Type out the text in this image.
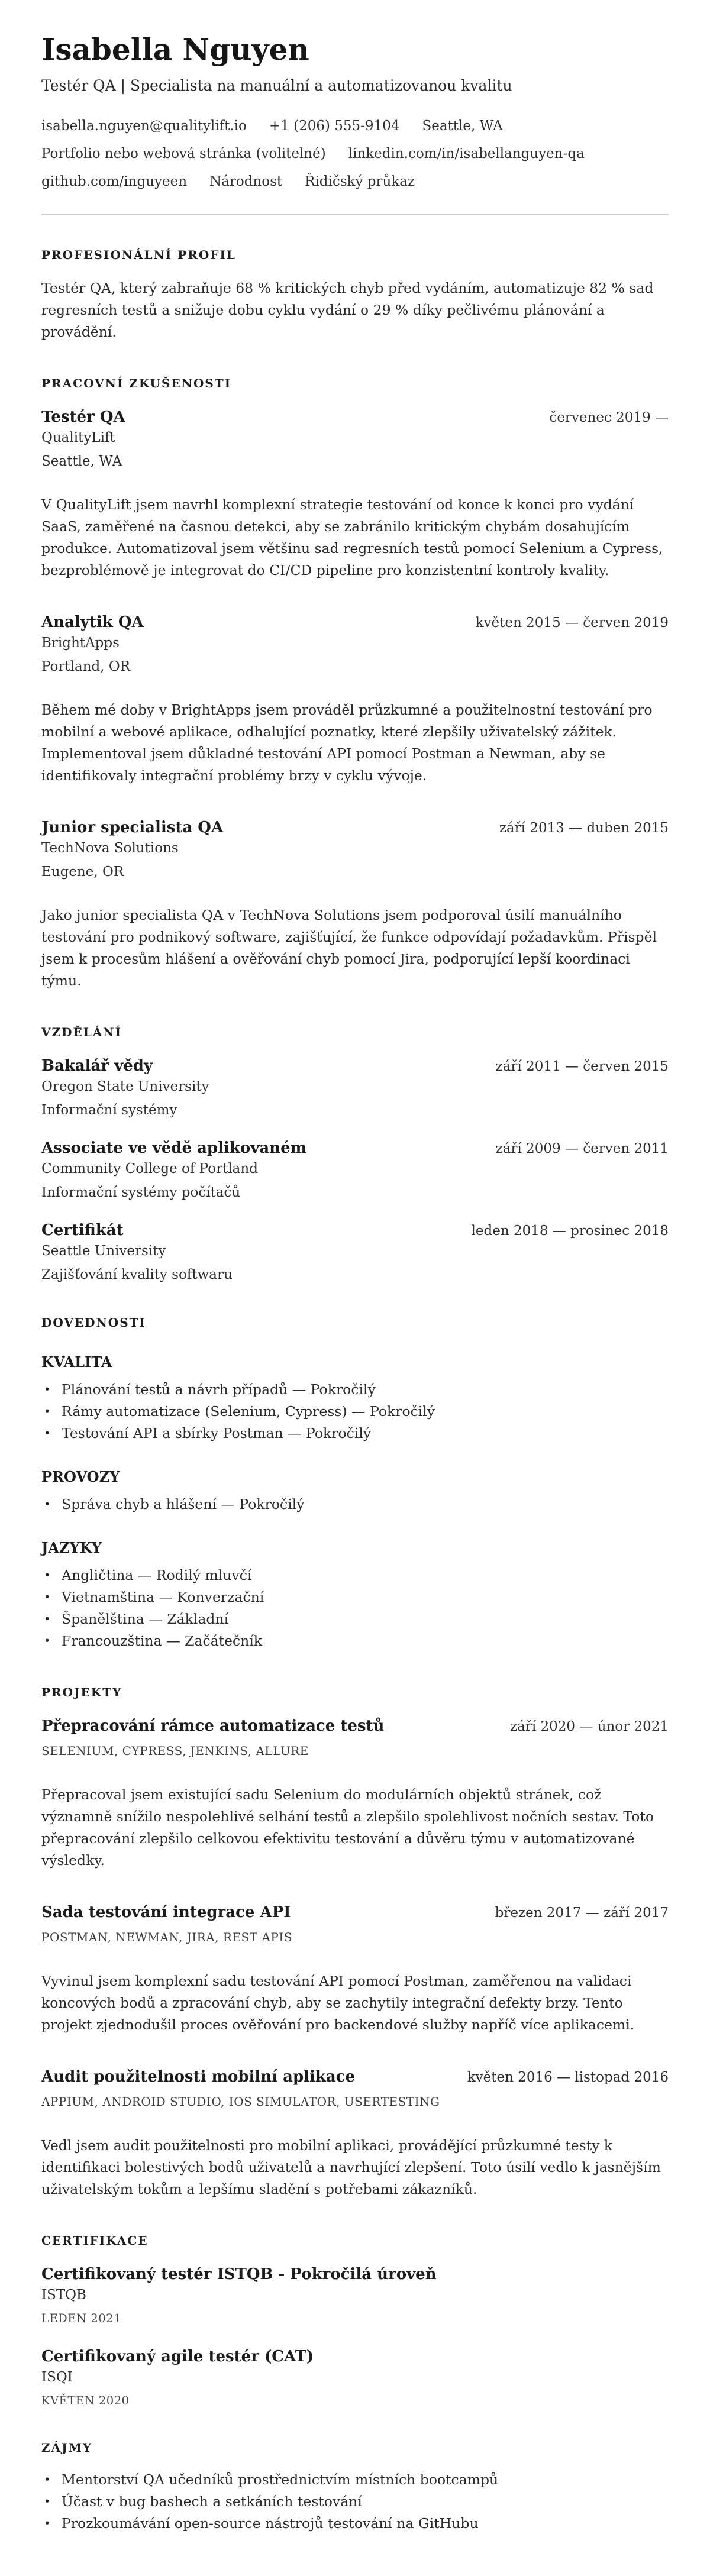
Isabella Nguyen
Testér QA | Specialista na manuální a automatizovanou kvalitu
isabella.nguyen@qualitylift.io +1 (206) 555-9104 Seattle, WA
Portfolio nebo webová stránka (volitelné) linkedin.com/in/isabellanguyen-qa
github.com/inguyeen Národnost Řidičský průkaz
PROFESIONÁLNÍ PROFIL

Testér QA, který zabraňuje 68 % kritických chyb před vydáním, automatizuje 82 % sad regresních testů a snižuje dobu cyklu vydání o 29 % díky pečlivému plánování a provádění.

PRACOVNÍ ZKUŠENOSTI
Testér QA	červenec 2019 —
QualityLift
Seattle, WA

V QualityLift jsem navrhl komplexní strategie testování od konce k konci pro vydání SaaS, zaměřené na časnou detekci, aby se zabránilo kritickým chybám dosahujícím produkce. Automatizoval jsem většinu sad regresních testů pomocí Selenium a Cypress, bezproblémově je integrovat do CI/CD pipeline pro konzistentní kontroly kvality.

Analytik QA	květen 2015 — červen 2019
BrightApps
Portland, OR

Během mé doby v BrightApps jsem prováděl průzkumné a použitelnostní testování pro mobilní a webové aplikace, odhalující poznatky, které zlepšily uživatelský zážitek. Implementoval jsem důkladné testování API pomocí Postman a Newman, aby se identifikovaly integrační problémy brzy v cyklu vývoje.

Junior specialista QA	září 2013 — duben 2015
TechNova Solutions
Eugene, OR

Jako junior specialista QA v TechNova Solutions jsem podporoval úsilí manuálního testování pro podnikový software, zajišťující, že funkce odpovídají požadavkům. Přispěl jsem k procesům hlášení a ověřování chyb pomocí Jira, podporující lepší koordinaci týmu.

VZDĚLÁNÍ
Bakalář vědy	září 2011 — červen 2015
Oregon State University
Informační systémy
Associate ve vědě aplikovaném	září 2009 — červen 2011
Community College of Portland
Informační systémy počítačů
Certifikát	leden 2018 — prosinec 2018
Seattle University
Zajišťování kvality softwaru
DOVEDNOSTI
KVALITA
• Plánování testů a návrh případů — Pokročilý
• Rámy automatizace (Selenium, Cypress) — Pokročilý
• Testování API a sbírky Postman — Pokročilý
PROVOZY
• Správa chyb a hlášení — Pokročilý
JAZYKY
• Angličtina — Rodilý mluvčí
• Vietnamština — Konverzační
• Španělština — Základní
• Francouzština — Začátečník
PROJEKTY
Přepracování rámce automatizace testů	září 2020 — únor 2021
SELENIUM, CYPRESS, JENKINS, ALLURE

Přepracoval jsem existující sadu Selenium do modulárních objektů stránek, což významně snížilo nespolehlivé selhání testů a zlepšilo spolehlivost nočních sestav. Toto přepracování zlepšilo celkovou efektivitu testování a důvěru týmu v automatizované výsledky.

Sada testování integrace API	březen 2017 — září 2017
POSTMAN, NEWMAN, JIRA, REST APIS

Vyvinul jsem komplexní sadu testování API pomocí Postman, zaměřenou na validaci koncových bodů a zpracování chyb, aby se zachytily integrační defekty brzy. Tento projekt zjednodušil proces ověřování pro backendové služby napříč více aplikacemi.

Audit použitelnosti mobilní aplikace	květen 2016 — listopad 2016
APPIUM, ANDROID STUDIO, IOS SIMULATOR, USERTESTING

Vedl jsem audit použitelnosti pro mobilní aplikaci, provádějící průzkumné testy k identifikaci bolestivých bodů uživatelů a navrhující zlepšení. Toto úsilí vedlo k jasnějším uživatelským tokům a lepšímu sladění s potřebami zákazníků.

CERTIFIKACE
Certifikovaný testér ISTQB - Pokročilá úroveň
ISTQB
LEDEN 2021
Certifikovaný agile testér (CAT)
ISQI
KVĚTEN 2020
ZÁJMY
• Mentorství QA učedníků prostřednictvím místních bootcampů
• Účast v bug bashech a setkáních testování
• Prozkoumávání open-source nástrojů testování na GitHubu
